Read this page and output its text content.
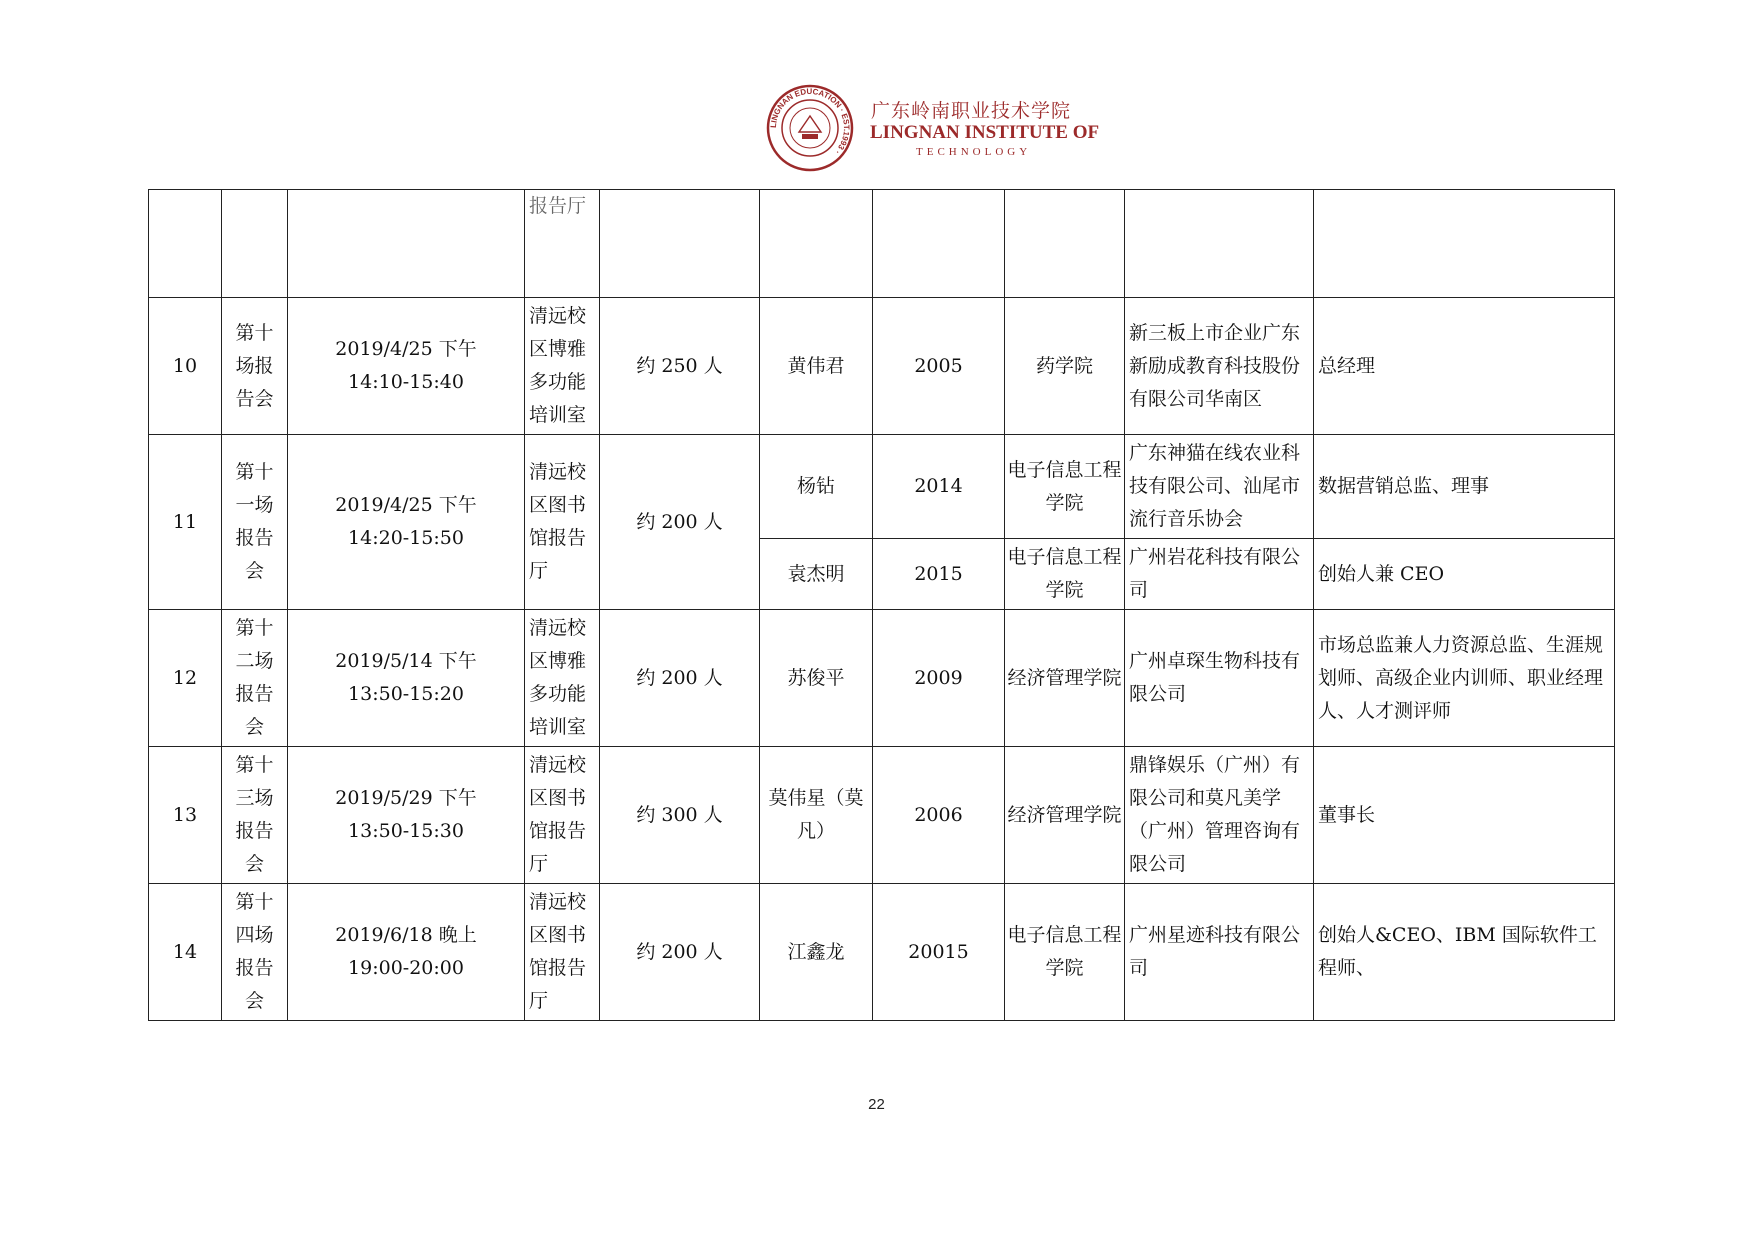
LINGNAN EDUCATION · EST.1993 ·
广东岭南职业技术学院
LINGNAN INSTITUTE OF
TECHNOLOGY
			报告厅						
10	第十场报告会	2019/4/25 下午 14:10-15:40	清远校区博雅多功能培训室	约 250 人	黄伟君	2005	药学院	新三板上市企业广东新励成教育科技股份有限公司华南区	总经理
11	第十一场报告会	2019/4/25 下午 14:20-15:50	清远校区图书馆报告厅	约 200 人	杨钻	2014	电子信息工程学院	广东神猫在线农业科技有限公司、汕尾市流行音乐协会	数据营销总监、理事
					袁杰明	2015	电子信息工程学院	广州岩花科技有限公司	创始人兼 CEO
12	第十二场报告会	2019/5/14 下午 13:50-15:20	清远校区博雅多功能培训室	约 200 人	苏俊平	2009	经济管理学院	广州卓琛生物科技有限公司	市场总监兼人力资源总监、生涯规划师、高级企业内训师、职业经理人、人才测评师
13	第十三场报告会	2019/5/29 下午 13:50-15:30	清远校区图书馆报告厅	约 300 人	莫伟星（莫凡）	2006	经济管理学院	鼎锋娱乐（广州）有限公司和莫凡美学（广州）管理咨询有限公司	董事长
14	第十四场报告会	2019/6/18 晚上 19:00-20:00	清远校区图书馆报告厅	约 200 人	江鑫龙	20015	电子信息工程学院	广州星迹科技有限公司	创始人&CEO、IBM 国际软件工程师、
22
